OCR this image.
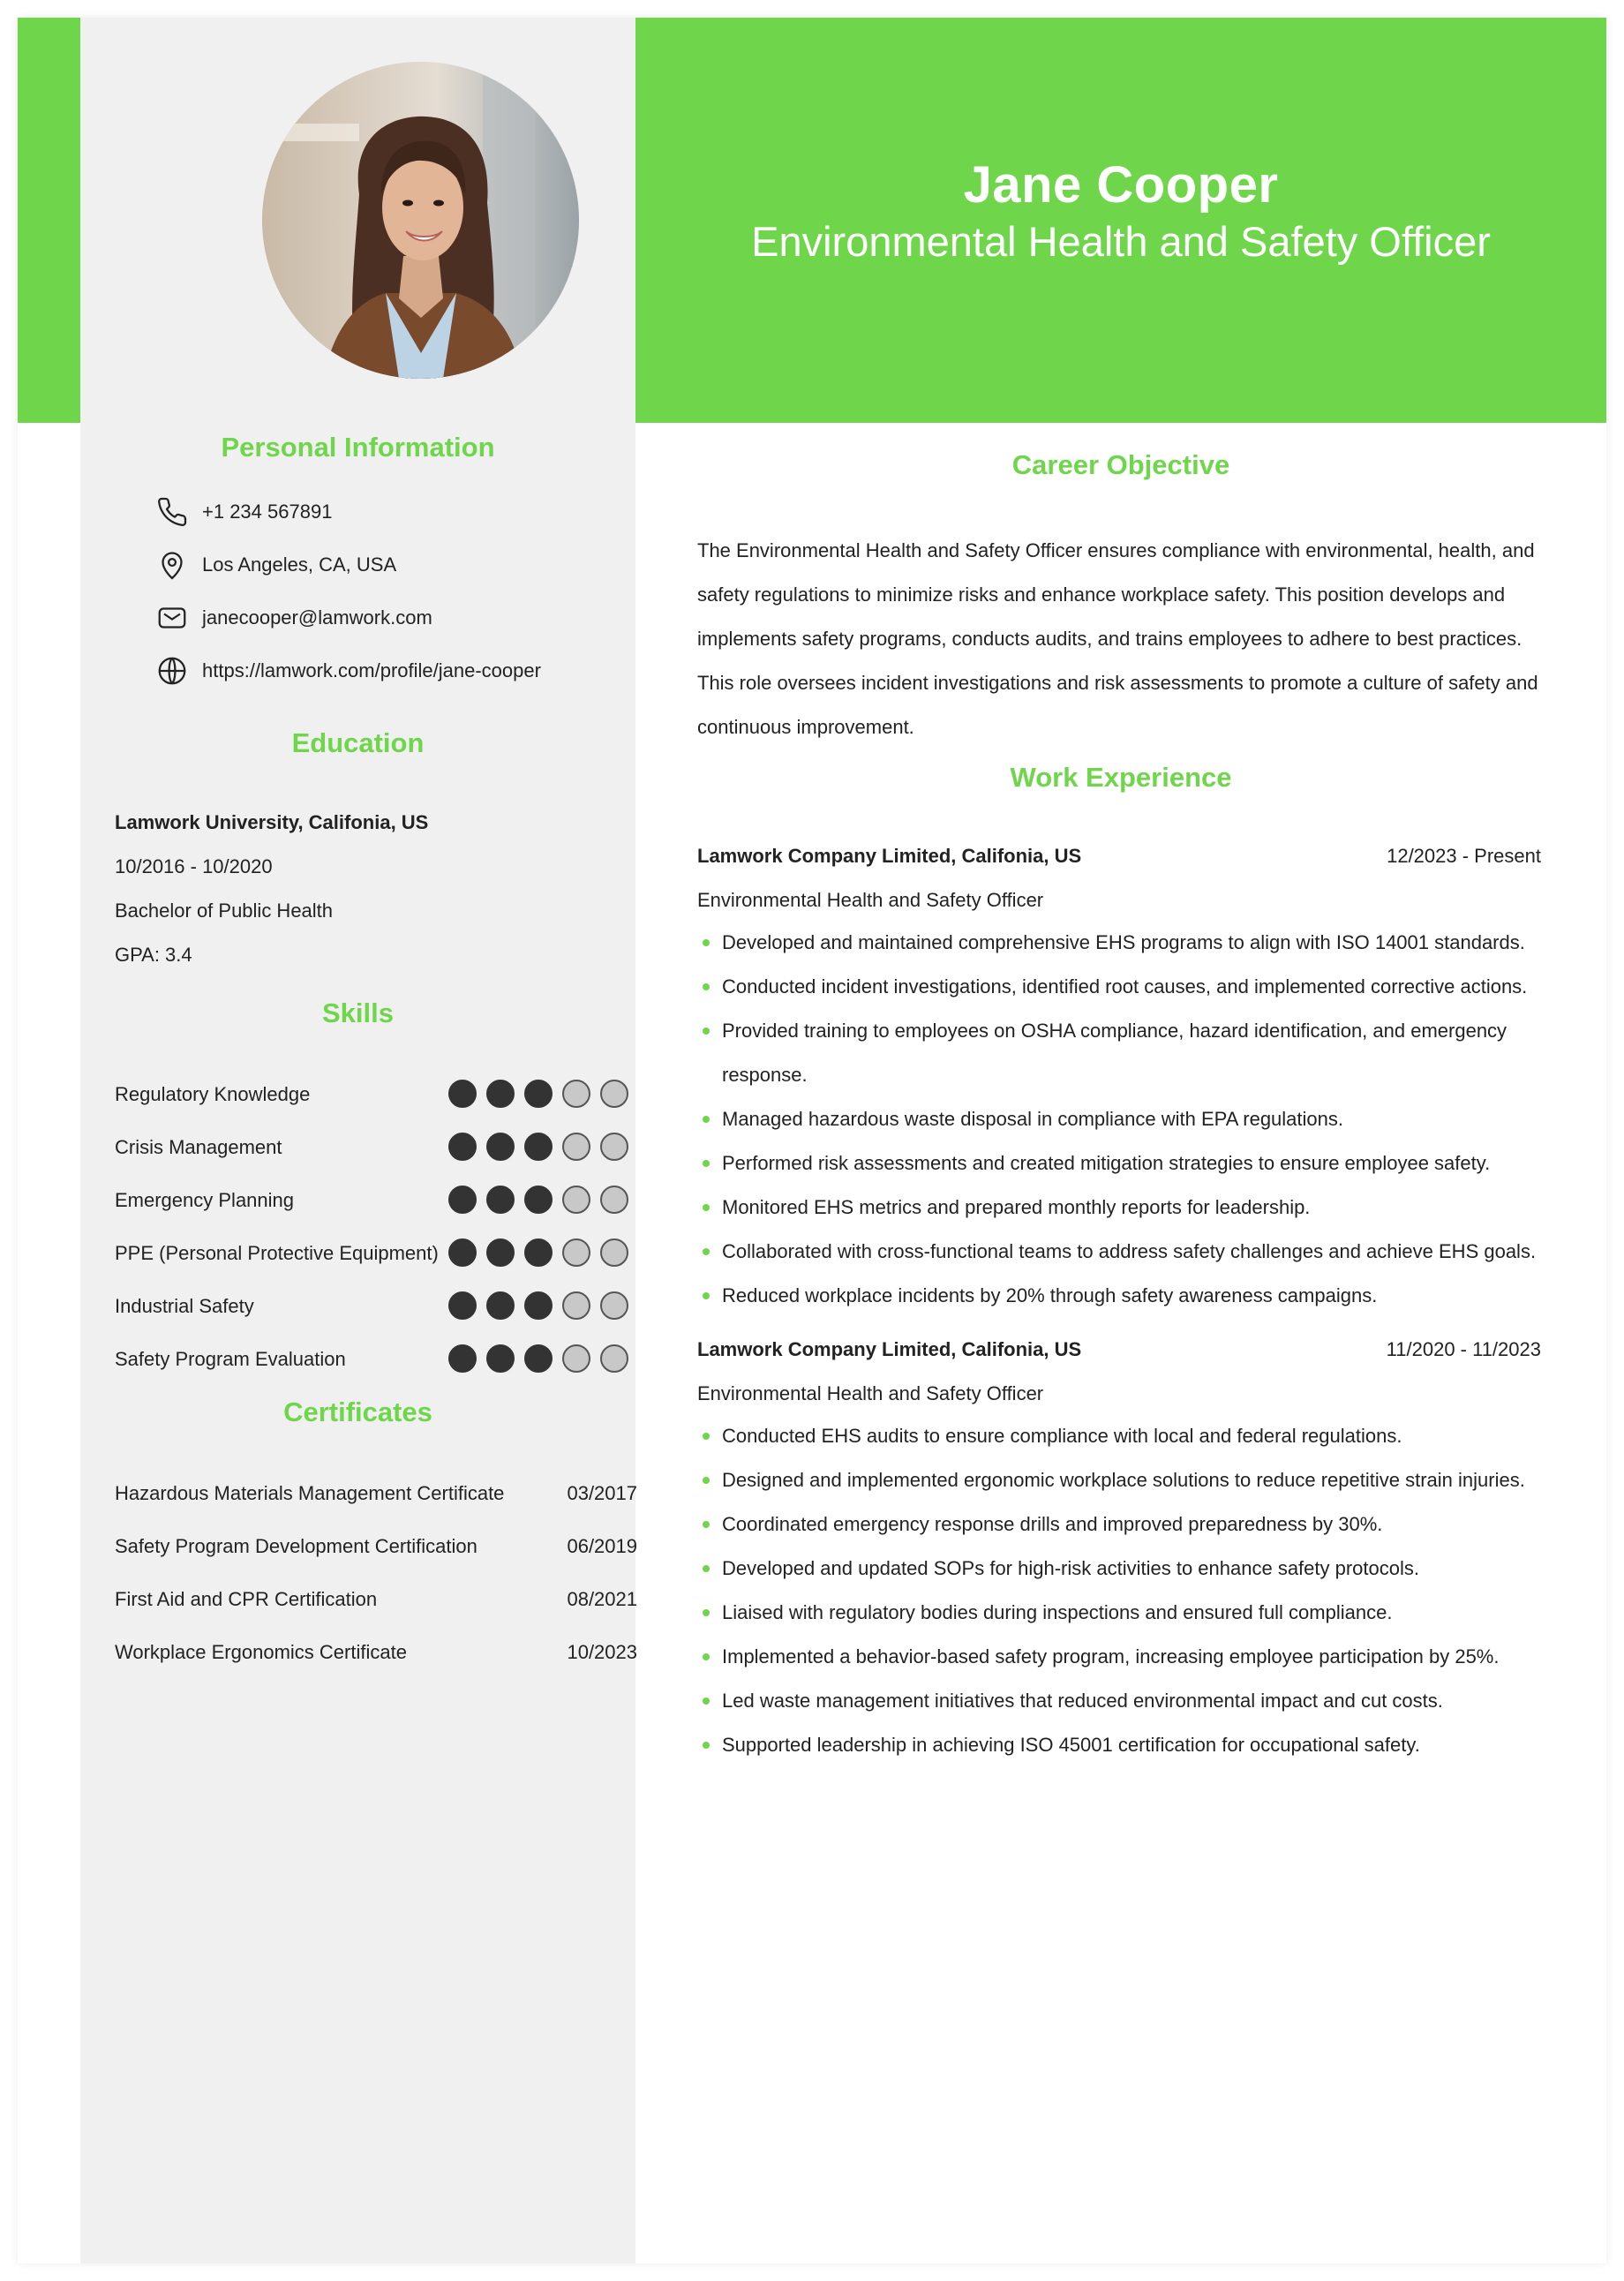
Personal Information
+1 234 567891
Los Angeles, CA, USA
janecooper@lamwork.com
https://lamwork.com/profile/jane-cooper
Education
Lamwork University, Califonia, US
10/2016 - 10/2020
Bachelor of Public Health
GPA: 3.4
Skills
Regulatory Knowledge
Crisis Management
Emergency Planning
PPE (Personal Protective Equipment)
Industrial Safety
Safety Program Evaluation
Certificates
Hazardous Materials Management Certificate	03/2017
Safety Program Development Certification	06/2019
First Aid and CPR Certification	08/2021
Workplace Ergonomics Certificate	10/2023
Jane Cooper
Environmental Health and Safety Officer
Career Objective
The Environmental Health and Safety Officer ensures compliance with environmental, health, and safety regulations to minimize risks and enhance workplace safety. This position develops and implements safety programs, conducts audits, and trains employees to adhere to best practices. This role oversees incident investigations and risk assessments to promote a culture of safety and continuous improvement.
Work Experience
Lamwork Company Limited, Califonia, US	12/2023 - Present
Environmental Health and Safety Officer
Developed and maintained comprehensive EHS programs to align with ISO 14001 standards.
Conducted incident investigations, identified root causes, and implemented corrective actions.
Provided training to employees on OSHA compliance, hazard identification, and emergency response.
Managed hazardous waste disposal in compliance with EPA regulations.
Performed risk assessments and created mitigation strategies to ensure employee safety.
Monitored EHS metrics and prepared monthly reports for leadership.
Collaborated with cross-functional teams to address safety challenges and achieve EHS goals.
Reduced workplace incidents by 20% through safety awareness campaigns.
Lamwork Company Limited, Califonia, US	11/2020 - 11/2023
Environmental Health and Safety Officer
Conducted EHS audits to ensure compliance with local and federal regulations.
Designed and implemented ergonomic workplace solutions to reduce repetitive strain injuries.
Coordinated emergency response drills and improved preparedness by 30%.
Developed and updated SOPs for high-risk activities to enhance safety protocols.
Liaised with regulatory bodies during inspections and ensured full compliance.
Implemented a behavior-based safety program, increasing employee participation by 25%.
Led waste management initiatives that reduced environmental impact and cut costs.
Supported leadership in achieving ISO 45001 certification for occupational safety.
